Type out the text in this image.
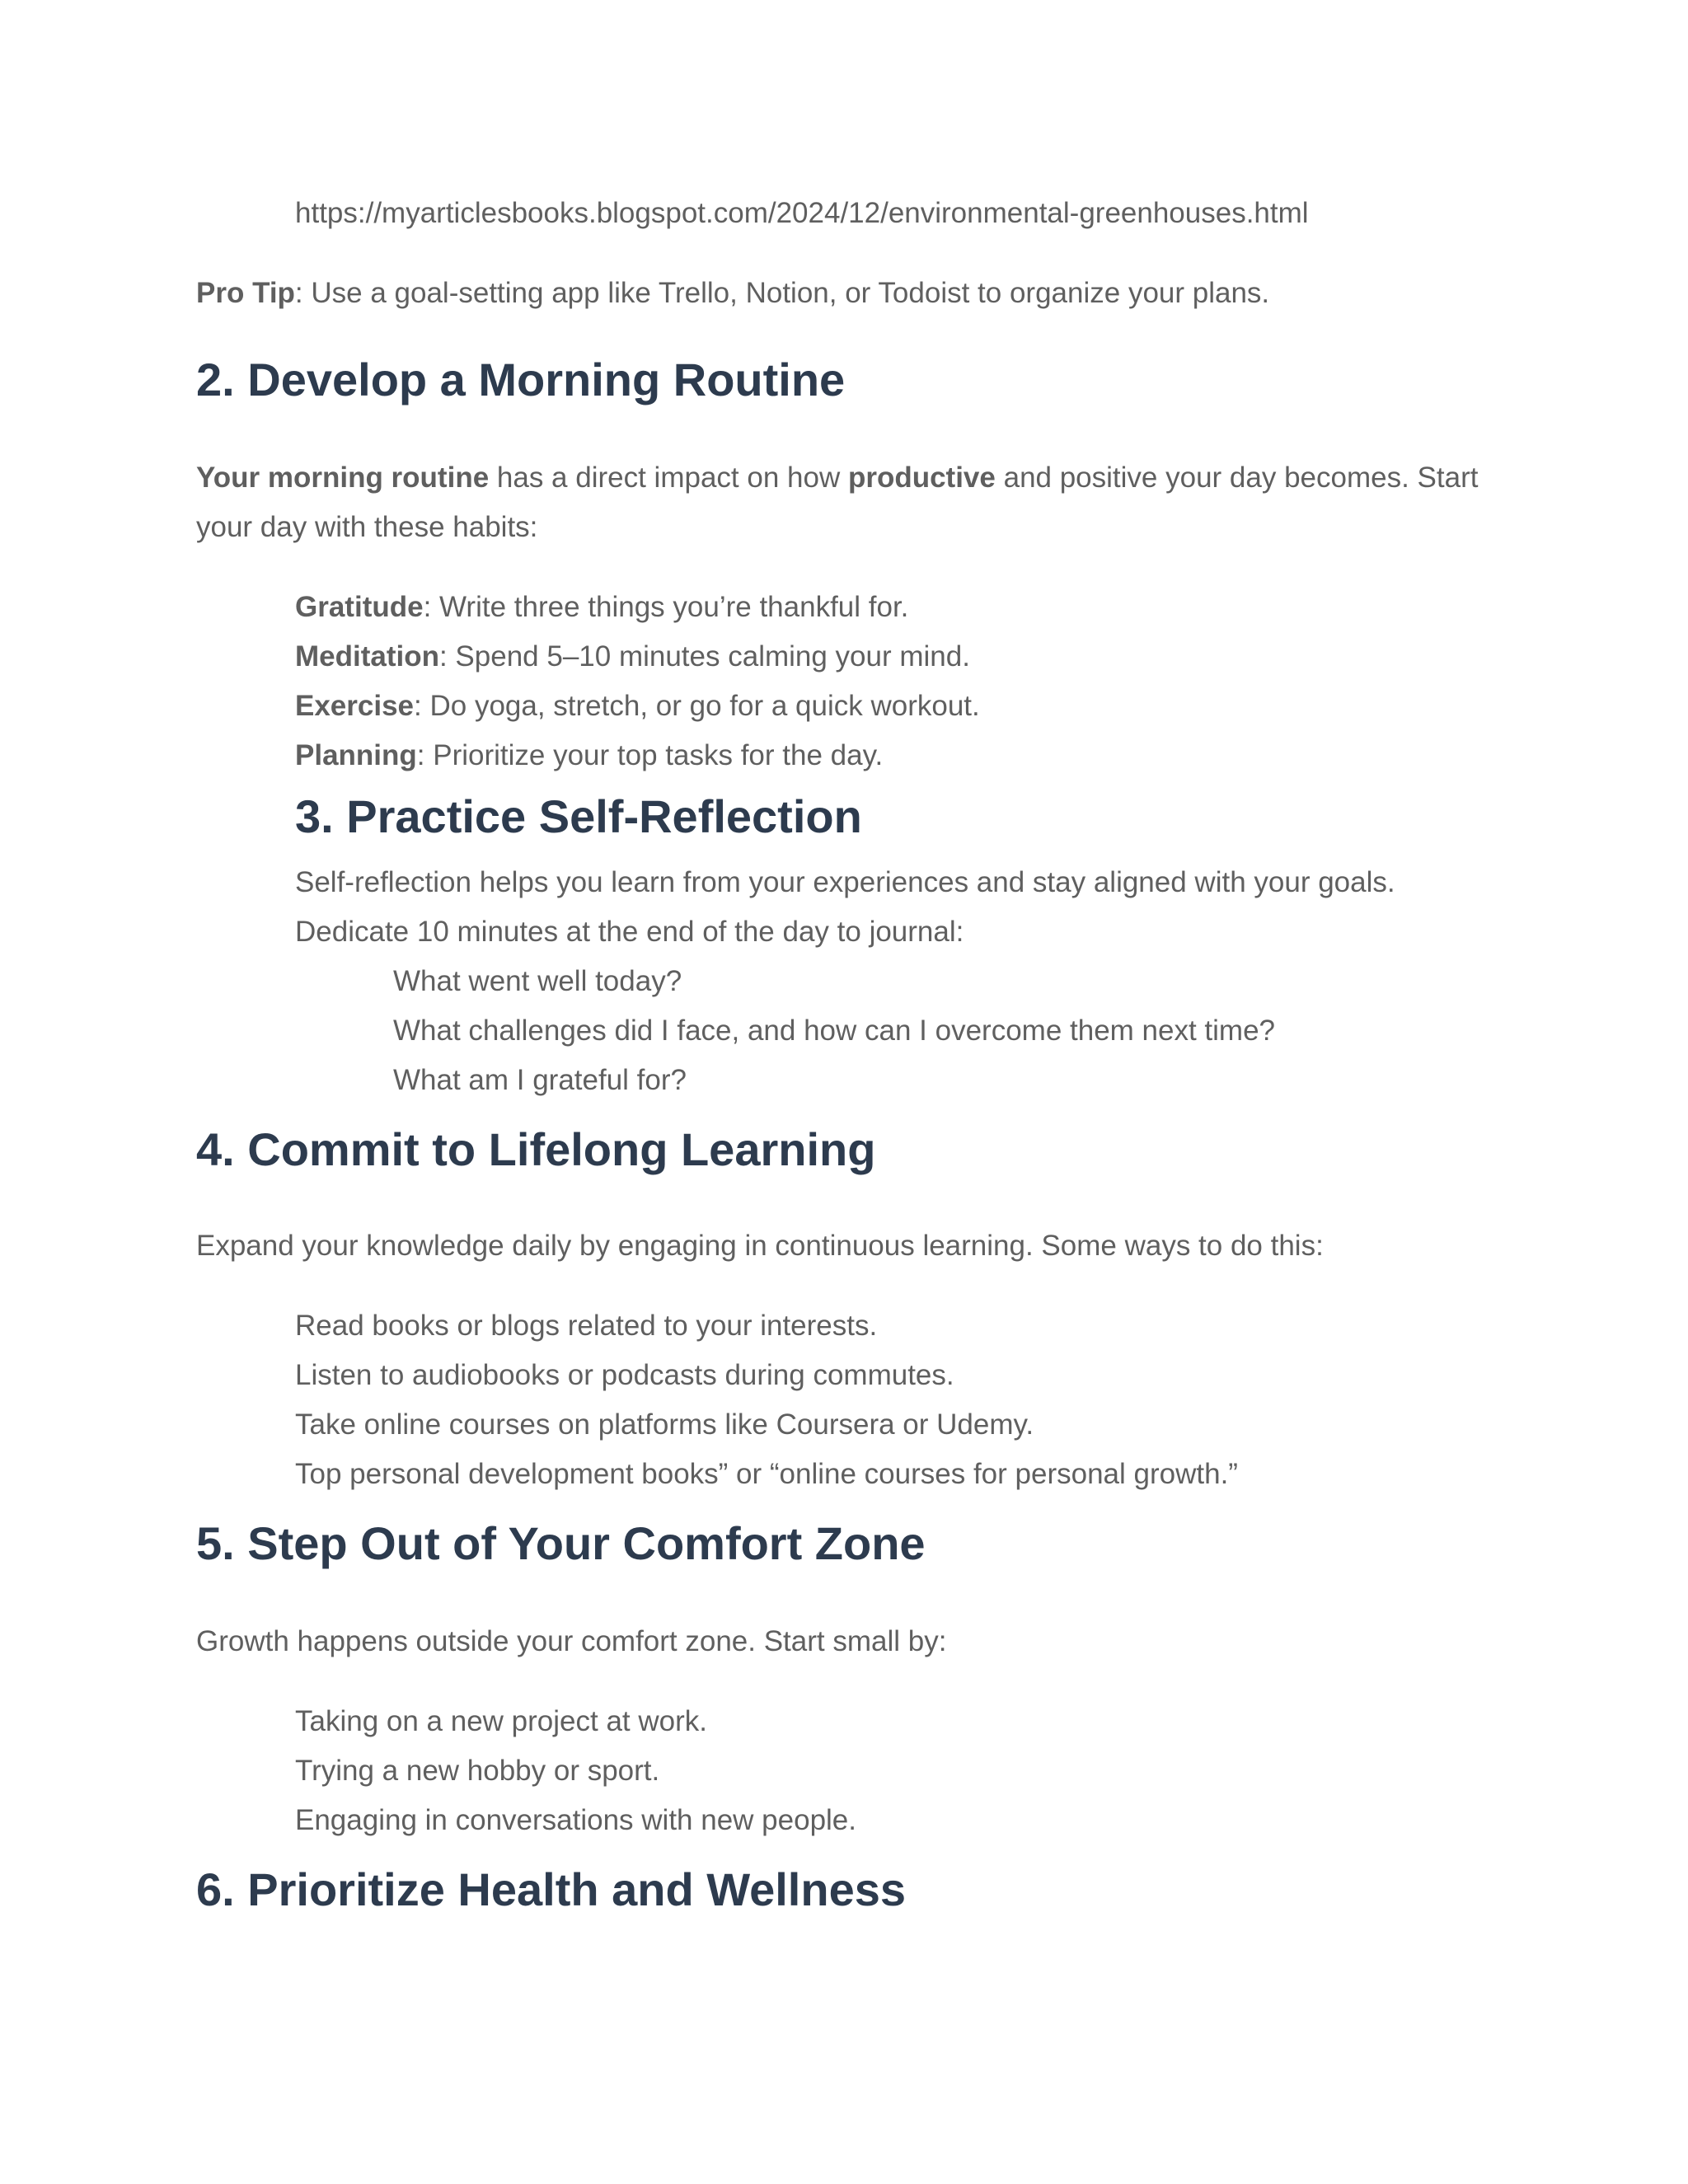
https://myarticlesbooks.blogspot.com/2024/12/environmental-greenhouses.html
Pro Tip: Use a goal-setting app like Trello, Notion, or Todoist to organize your plans.
2. Develop a Morning Routine
Your morning routine has a direct impact on how productive and positive your day becomes. Start
your day with these habits:
Gratitude: Write three things you’re thankful for.
Meditation: Spend 5–10 minutes calming your mind.
Exercise: Do yoga, stretch, or go for a quick workout.
Planning: Prioritize your top tasks for the day.
3. Practice Self-Reflection
Self-reflection helps you learn from your experiences and stay aligned with your goals.
Dedicate 10 minutes at the end of the day to journal:
What went well today?
What challenges did I face, and how can I overcome them next time?
What am I grateful for?
4. Commit to Lifelong Learning
Expand your knowledge daily by engaging in continuous learning. Some ways to do this:
Read books or blogs related to your interests.
Listen to audiobooks or podcasts during commutes.
Take online courses on platforms like Coursera or Udemy.
Top personal development books” or “online courses for personal growth.”
5. Step Out of Your Comfort Zone
Growth happens outside your comfort zone. Start small by:
Taking on a new project at work.
Trying a new hobby or sport.
Engaging in conversations with new people.
6. Prioritize Health and Wellness
